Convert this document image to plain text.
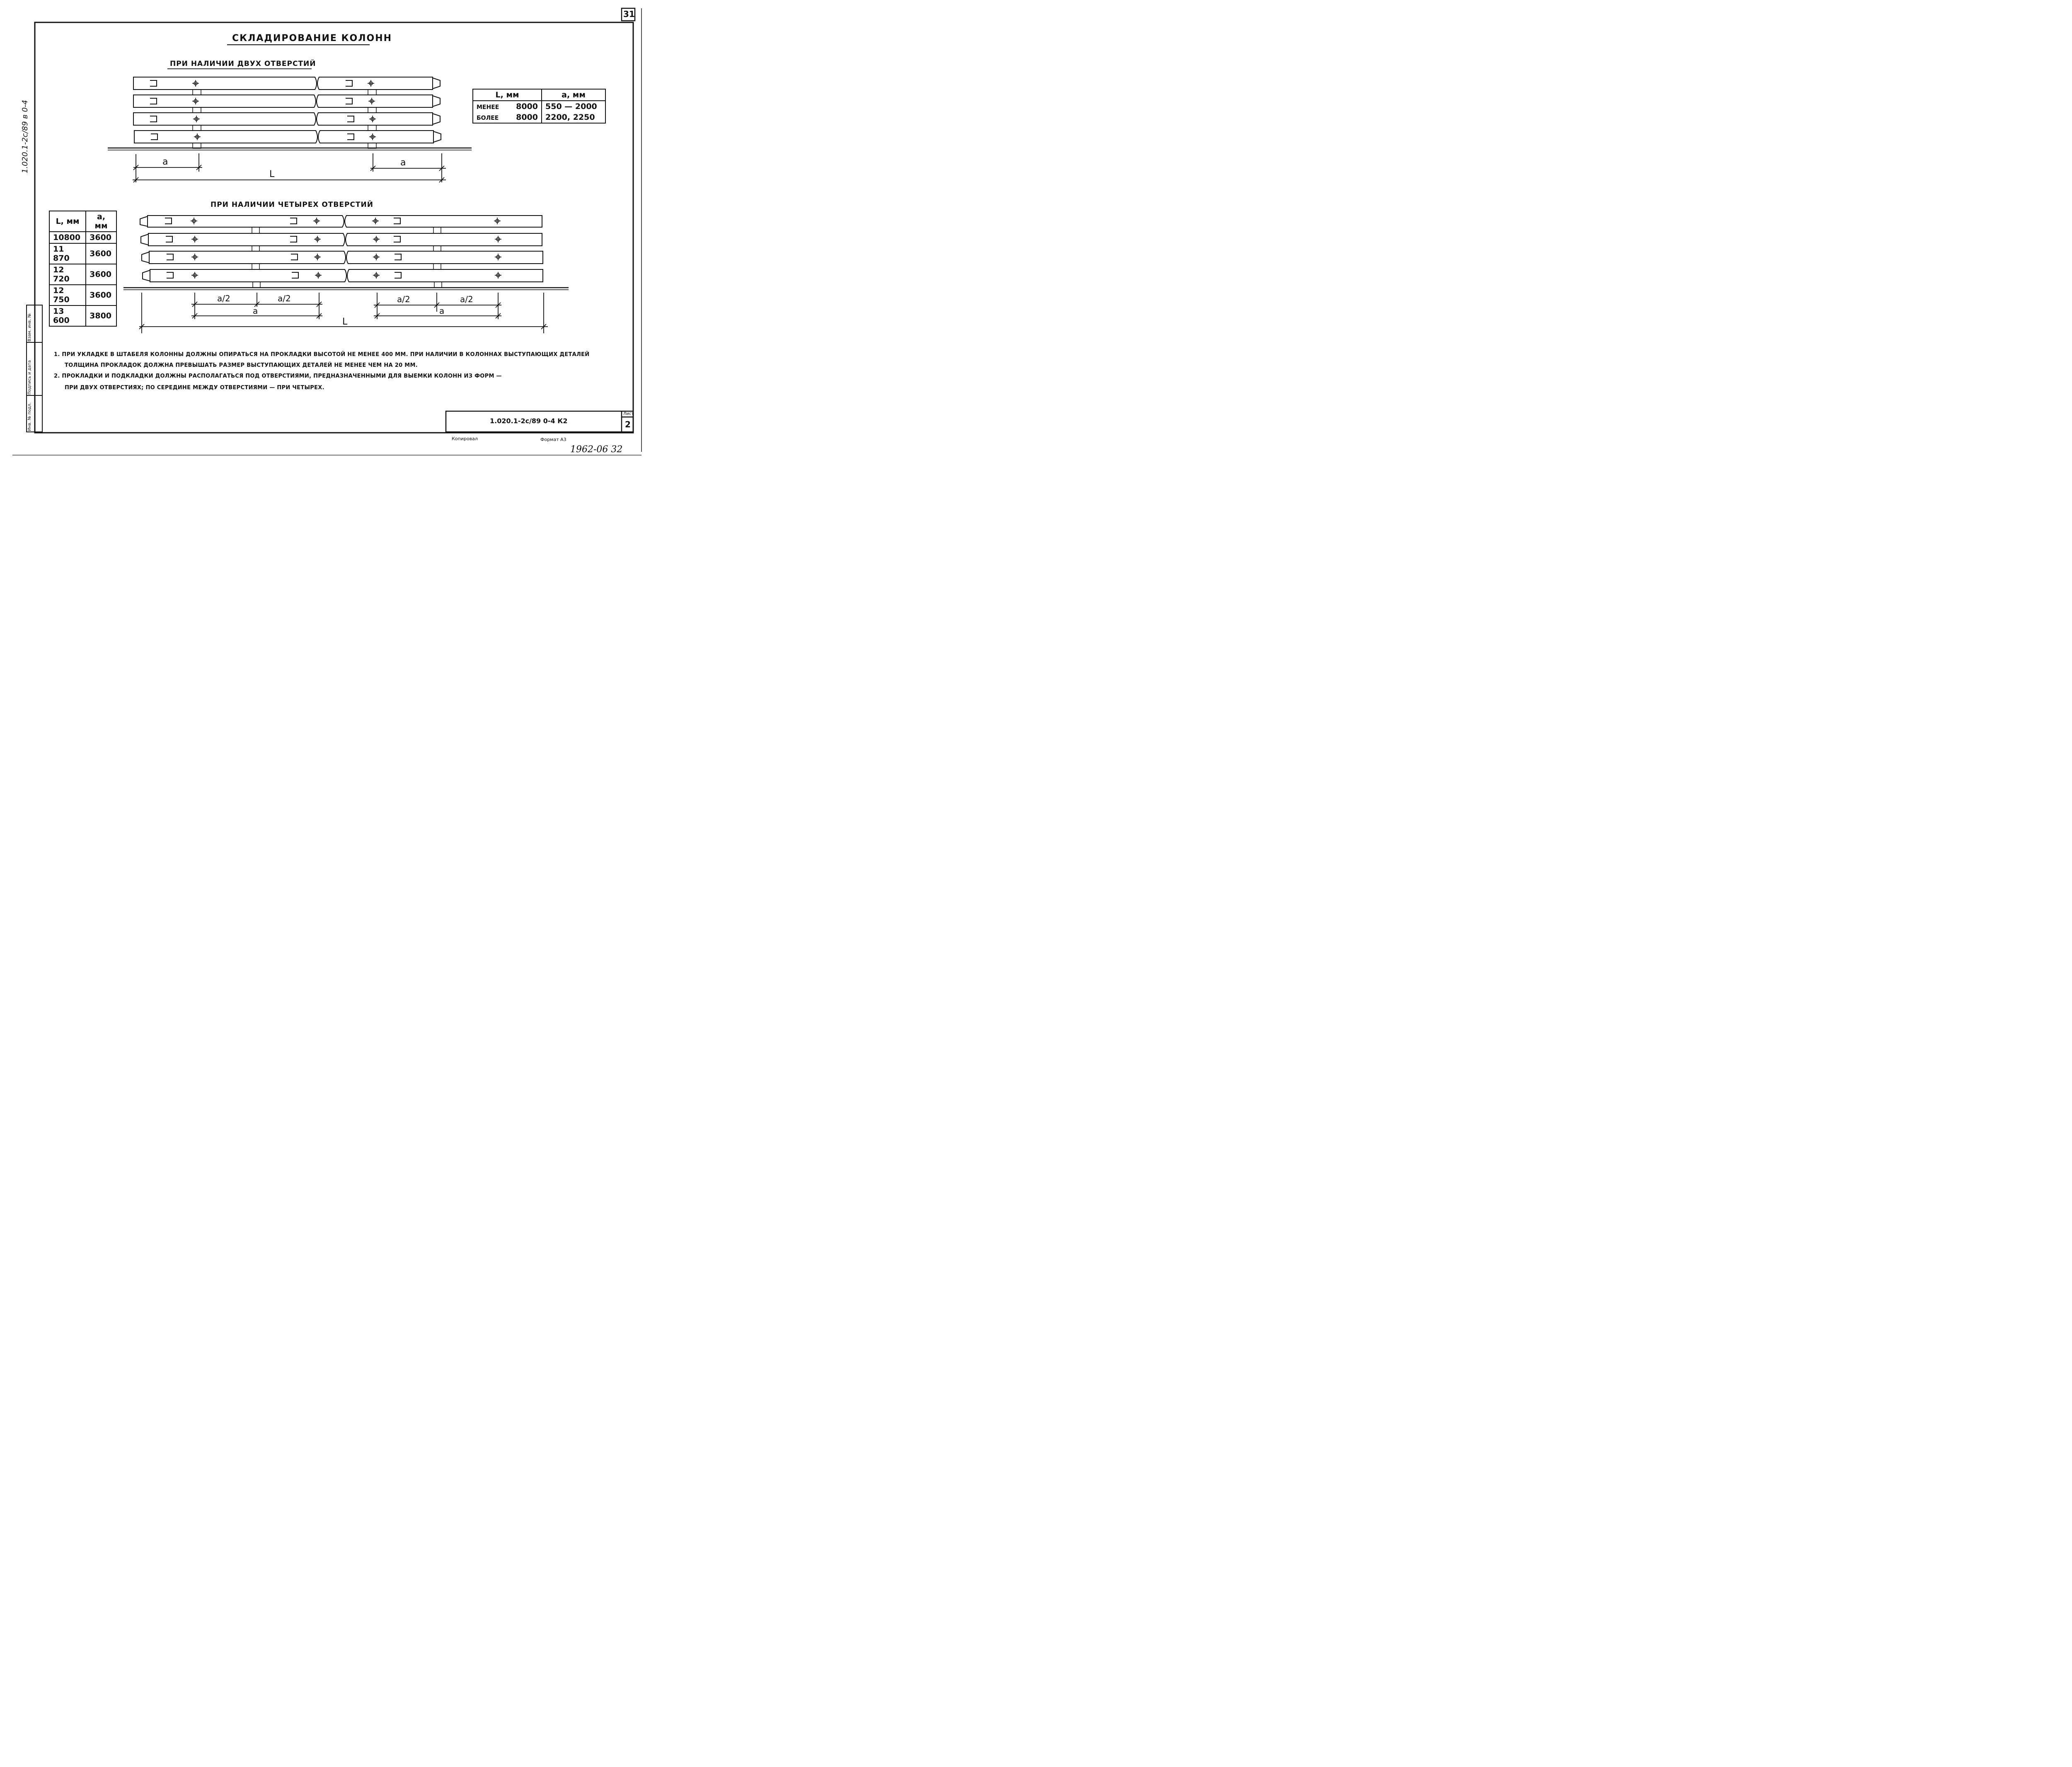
31
СКЛАДИРОВАНИЕ КОЛОНН
ПРИ НАЛИЧИИ ДВУХ ОТВЕРСТИЙ
ПРИ НАЛИЧИИ ЧЕТЫРЕХ ОТВЕРСТИЙ
a	a
L
a/2	a/2	a/2	a/2
a	a
L
L, мм	a, мм
МЕНЕЕ 8000	550 — 2000
БОЛЕЕ 8000	2200, 2250
L, мм	a, мм
10800	3600
11 870	3600
12 720	3600
12 750	3600
13 600	3800
1. ПРИ УКЛАДКЕ В ШТАБЕЛЯ КОЛОННЫ ДОЛЖНЫ ОПИРАТЬСЯ НА ПРОКЛАДКИ ВЫСОТОЙ НЕ МЕНЕЕ 400 ММ. ПРИ НАЛИЧИИ В КОЛОННАХ ВЫСТУПАЮЩИХ ДЕТАЛЕЙ
ТОЛЩИНА ПРОКЛАДОК ДОЛЖНА ПРЕВЫШАТЬ РАЗМЕР ВЫСТУПАЮЩИХ ДЕТАЛЕЙ НЕ МЕНЕЕ ЧЕМ НА 20 ММ.
2. ПРОКЛАДКИ И ПОДКЛАДКИ ДОЛЖНЫ РАСПОЛАГАТЬСЯ ПОД ОТВЕРСТИЯМИ, ПРЕДНАЗНАЧЕННЫМИ ДЛЯ ВЫЕМКИ КОЛОНН ИЗ ФОРМ —
ПРИ ДВУХ ОТВЕРСТИЯХ; ПО СЕРЕДИНЕ МЕЖДУ ОТВЕРСТИЯМИ — ПРИ ЧЕТЫРЕХ.
1.020.1-2с/89 в 0-4
Взам. инв. №
Подпись и дата
Инв. № подл.	1.020.1-2с/89 0-4 К2
Лист
2
Копировал	Формат А3
1962-06 32
